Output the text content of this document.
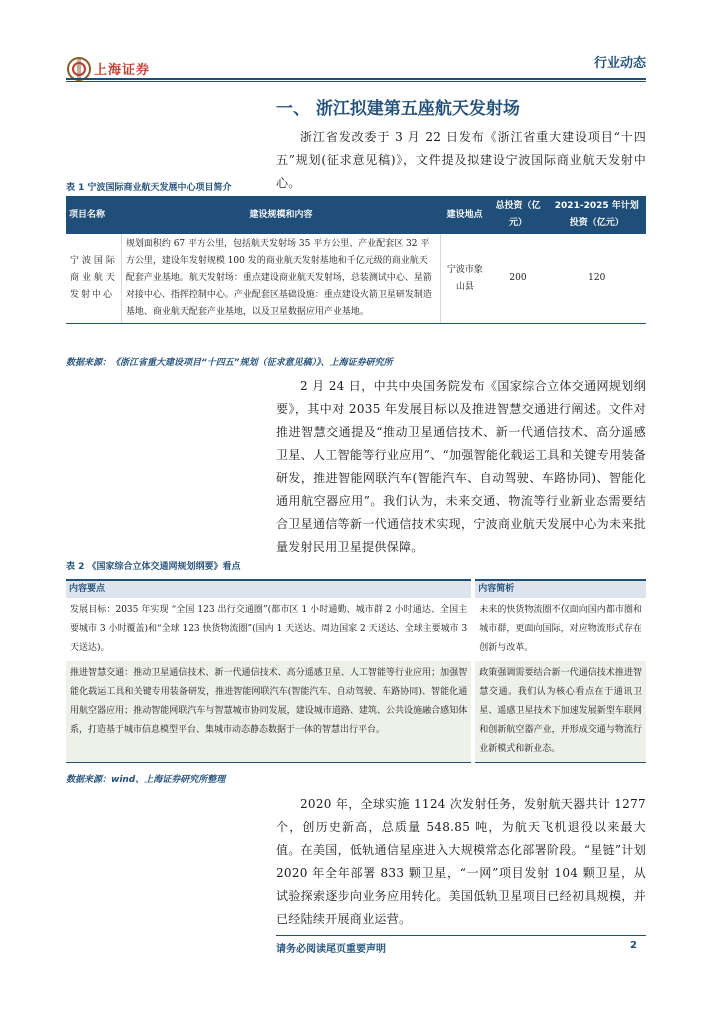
上海证券	行业动态
一、 浙江拟建第五座航天发射场

浙江省发改委于 3 月 22 日发布《浙江省重大建设项目“十四五”规划(征求意见稿)》，文件提及拟建设宁波国际商业航天发射中心。

表 1 宁波国际商业航天发展中心项目简介
项目名称	建设规模和内容	建设地点	总投资（亿元）	2021-2025 年计划投资（亿元）
宁波国际商业航天发射中心	规划面积约 67 平方公里，包括航天发射场 35 平方公里、产业配套区 32 平方公里，建设年发射规模 100 发的商业航天发射基地和千亿元级的商业航天配套产业基地。航天发射场：重点建设商业航天发射场，总装测试中心、星箭对接中心、指挥控制中心。产业配套区基础设施：重点建设火箭卫星研发制造基地、商业航天配套产业基地，以及卫星数据应用产业基地。	宁波市象山县	200	120
数据来源：《浙江省重大建设项目“十四五”规划（征求意见稿）》、上海证券研究所

2 月 24 日，中共中央国务院发布《国家综合立体交通网规划纲要》，其中对 2035 年发展目标以及推进智慧交通进行阐述。文件对推进智慧交通提及“推动卫星通信技术、新一代通信技术、高分遥感卫星、人工智能等行业应用”、“加强智能化载运工具和关键专用装备研发，推进智能网联汽车(智能汽车、自动驾驶、车路协同)、智能化通用航空器应用”。我们认为，未来交通、物流等行业新业态需要结合卫星通信等新一代通信技术实现，宁波商业航天发展中心为未来批量发射民用卫星提供保障。

表 2 《国家综合立体交通网规划纲要》看点
内容要点	内容简析
发展目标：2035 年实现 “全国 123 出行交通圈”(都市区 1 小时通勤、城市群 2 小时通达、全国主要城市 3 小时覆盖)和“全球 123 快货物流圈”(国内 1 天送达、周边国家 2 天送达、全球主要城市 3 天送达)。	未来的快货物流圈不仅面向国内都市圈和城市群，更面向国际，对应物流形式存在创新与改革。
推进智慧交通：推动卫星通信技术、新一代通信技术、高分遥感卫星、人工智能等行业应用；加强智能化载运工具和关键专用装备研发，推进智能网联汽车(智能汽车、自动驾驶、车路协同)、智能化通用航空器应用；推动智能网联汽车与智慧城市协同发展，建设城市道路、建筑、公共设施融合感知体系，打造基于城市信息模型平台、集城市动态静态数据于一体的智慧出行平台。	政策强调需要结合新一代通信技术推进智慧交通。我们认为核心看点在于通讯卫星、遥感卫星技术下加速发展新型车联网和创新航空器产业，并形成交通与物流行业新模式和新业态。
数据来源：wind、上海证券研究所整理

2020 年，全球实施 1124 次发射任务，发射航天器共计 1277 个，创历史新高，总质量 548.85 吨，为航天飞机退役以来最大值。在美国，低轨通信星座进入大规模常态化部署阶段。“星链”计划 2020 年全年部署 833 颗卫星，“一网”项目发射 104 颗卫星，从试验探索逐步向业务应用转化。美国低轨卫星项目已经初具规模，并已经陆续开展商业运营。

请务必阅读尾页重要声明	2
